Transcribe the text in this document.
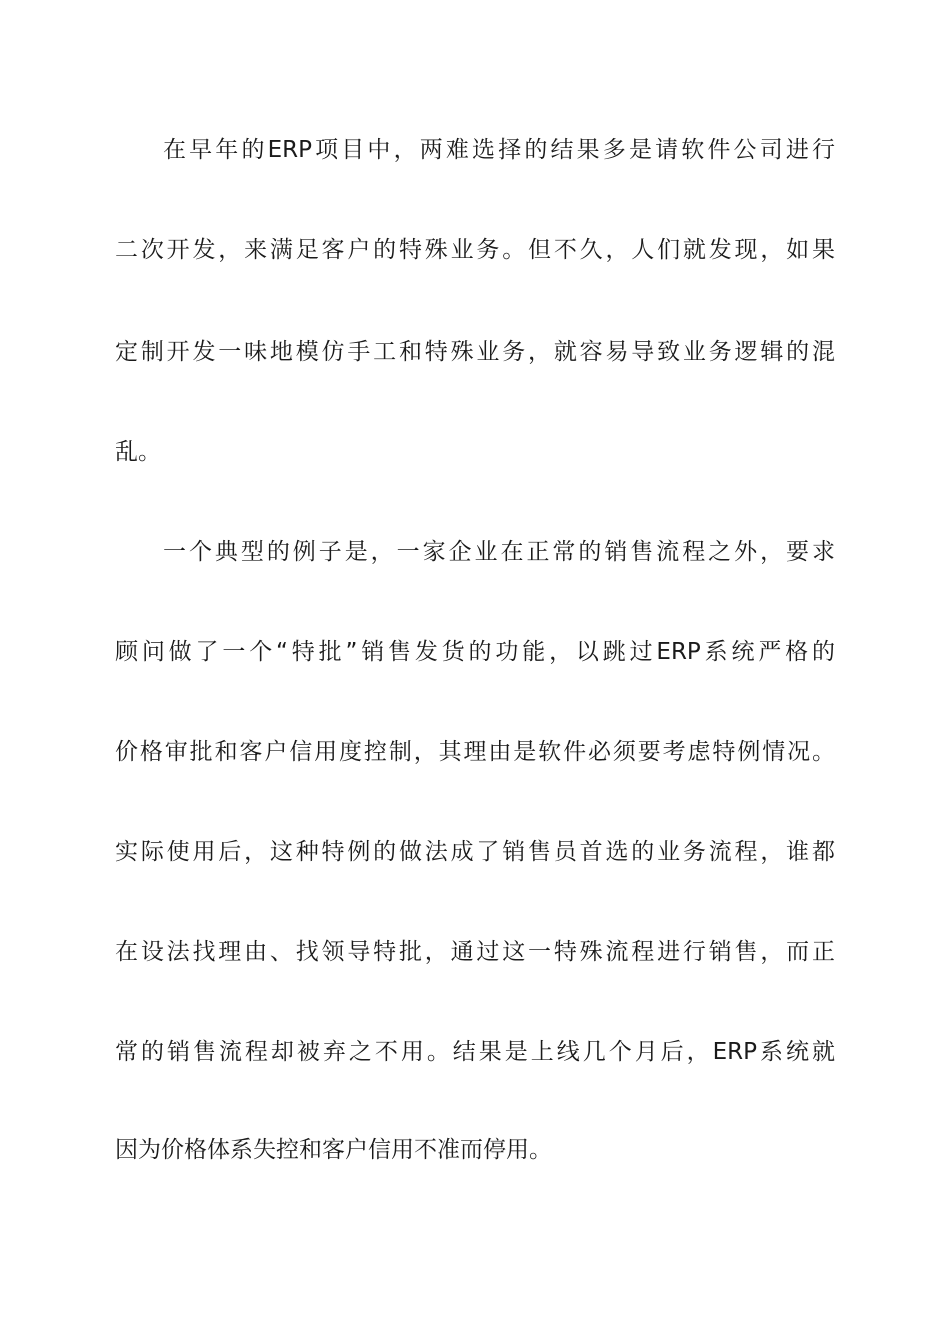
在早年的ERP项目中，两难选择的结果多是请软件公司进行
二次开发，来满足客户的特殊业务。但不久，人们就发现，如果
定制开发一味地模仿手工和特殊业务，就容易导致业务逻辑的混
乱。
一个典型的例子是，一家企业在正常的销售流程之外，要求
顾问做了一个“特批”销售发货的功能，以跳过ERP系统严格的
价格审批和客户信用度控制，其理由是软件必须要考虑特例情况。
实际使用后，这种特例的做法成了销售员首选的业务流程，谁都
在设法找理由、找领导特批，通过这一特殊流程进行销售，而正
常的销售流程却被弃之不用。结果是上线几个月后，ERP系统就
因为价格体系失控和客户信用不准而停用。
